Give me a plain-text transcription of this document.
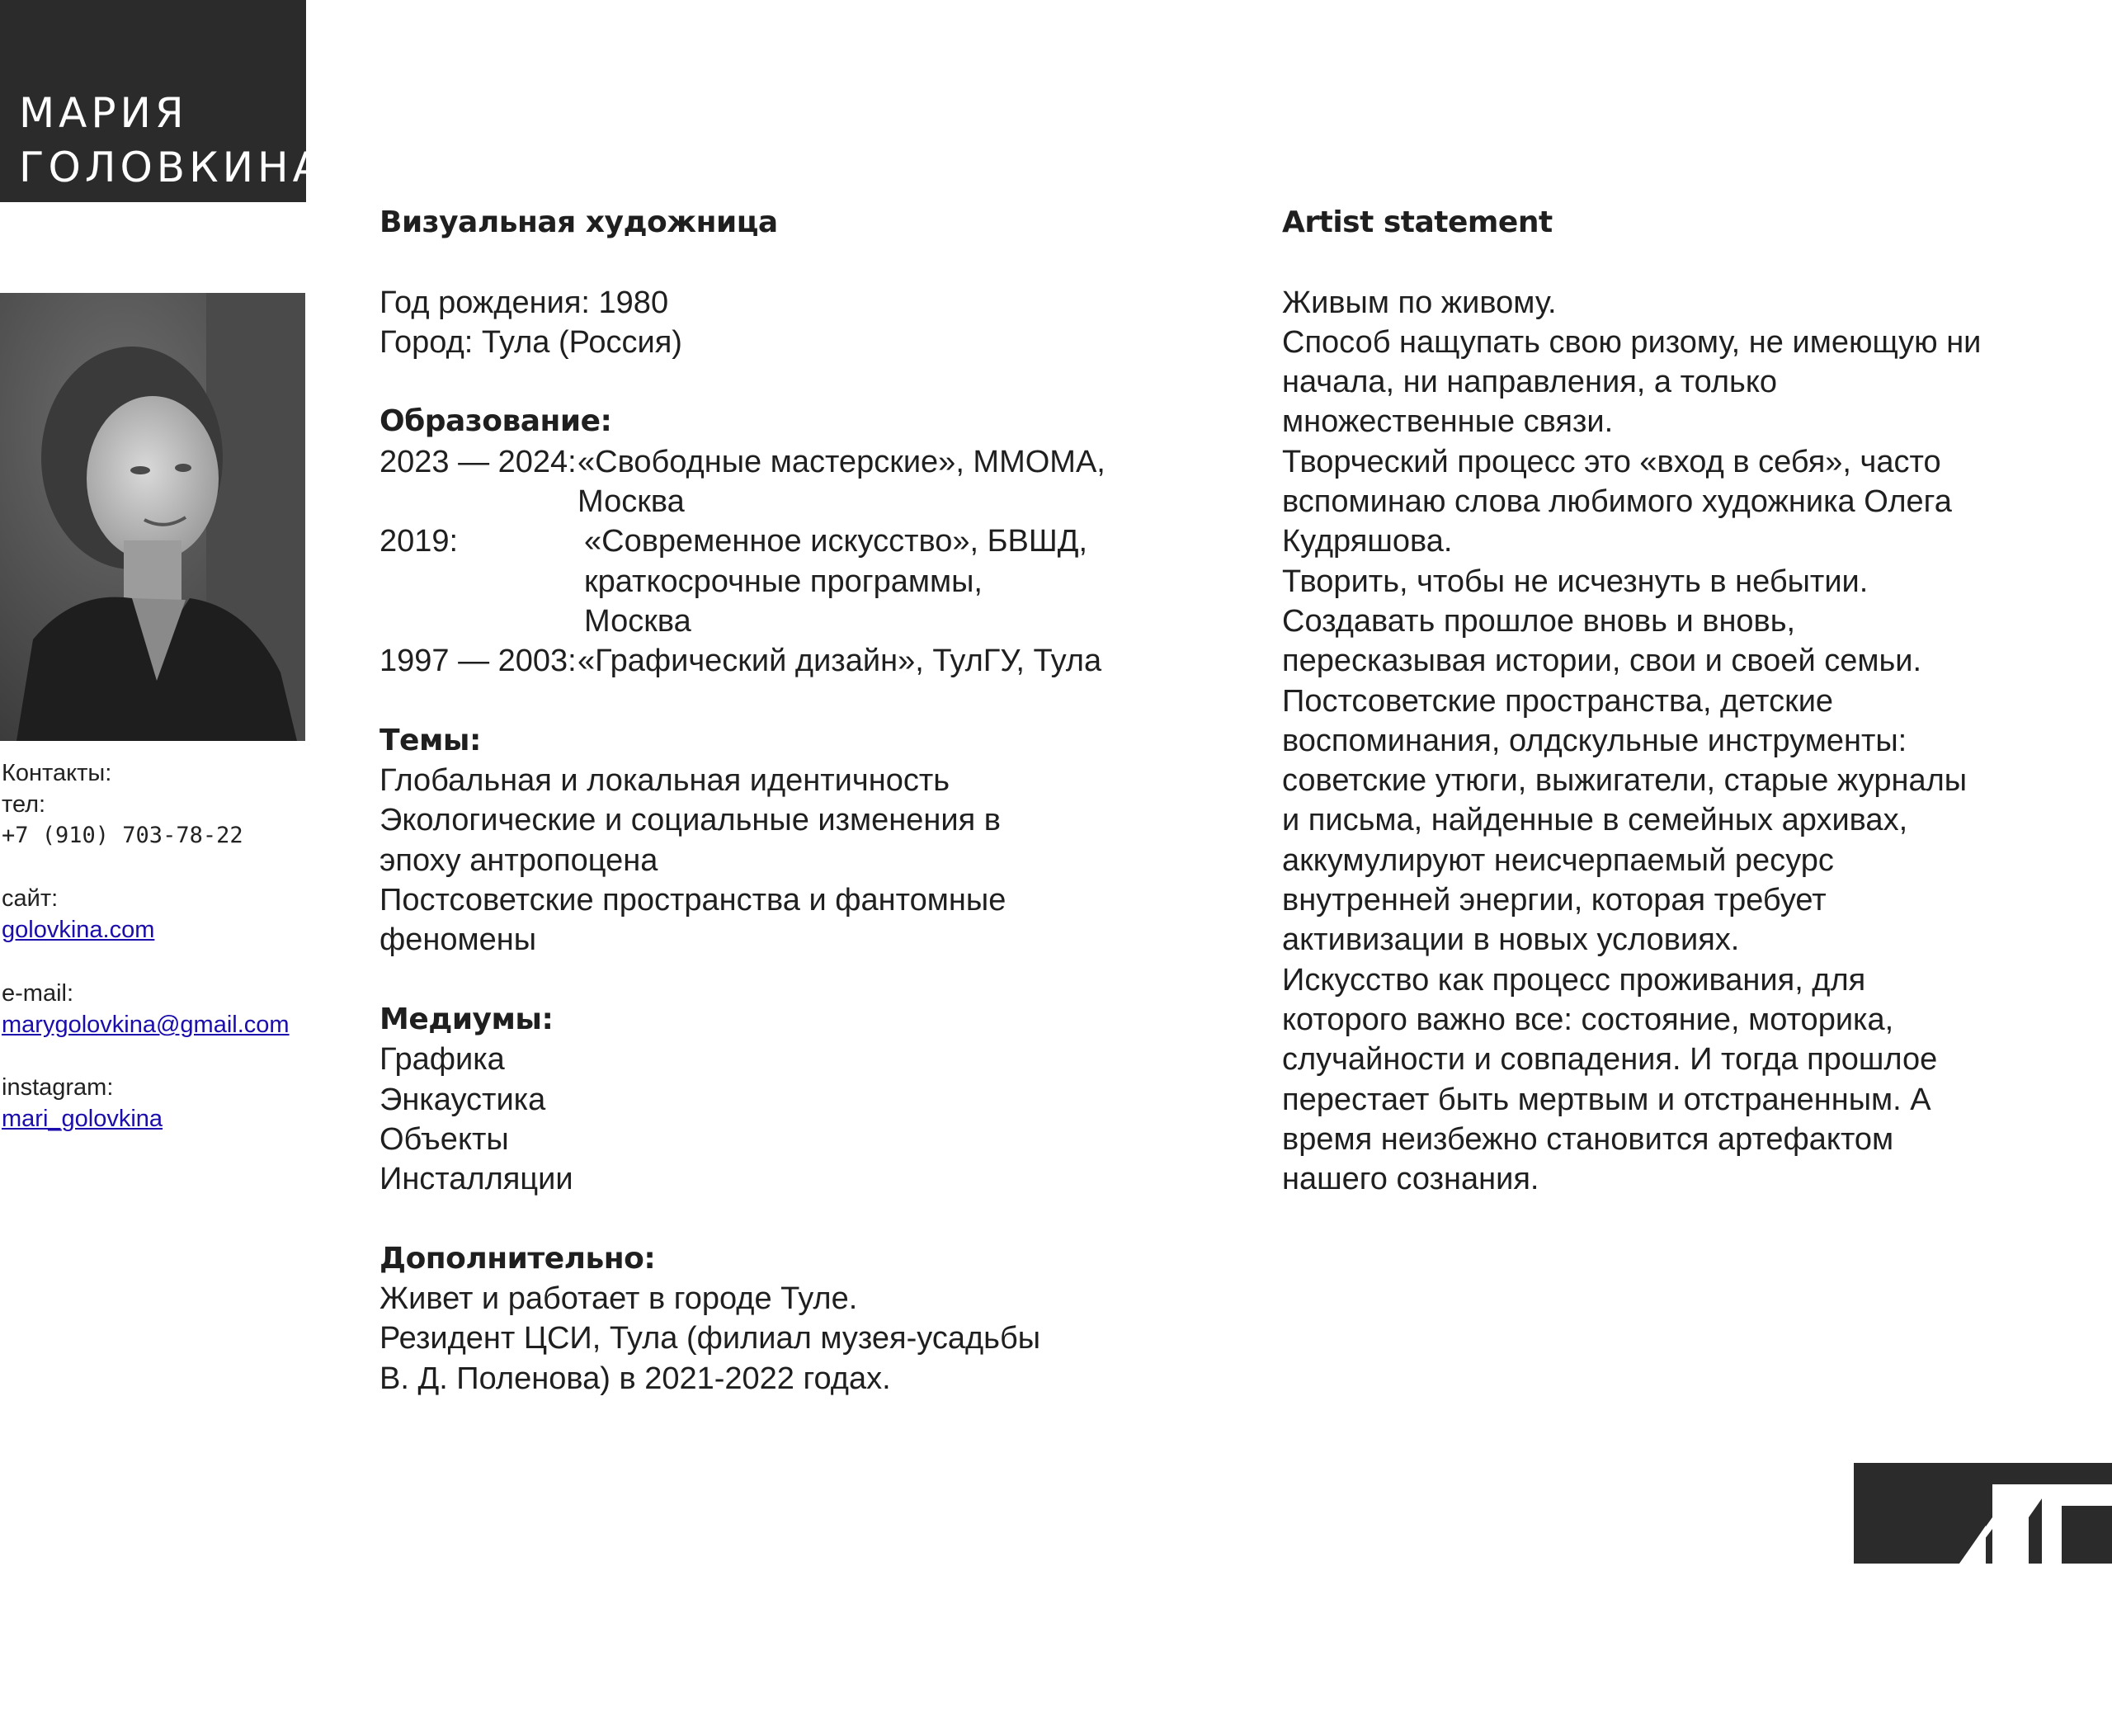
МАРИЯ
ГОЛОВКИНА
Контакты:
тел:
+7 (910) 703-78-22
сайт:
golovkina.com
e-mail:
marygolovkina@gmail.com
instagram:
mari_golovkina
Визуальная художница
Год рождения: 1980
Город: Тула (Россия)
Образование:
2023 — 2024: «Свободные мастерские», ММОМА,
Москва
2019:	«Современное искусство», БВШД,
краткосрочные программы,
Москва
1997 — 2003: «Графический дизайн», ТулГУ, Тула
Темы:
Глобальная и локальная идентичность
Экологические и социальные изменения в
эпоху антропоцена
Постсоветские пространства и фантомные
феномены
Медиумы:
Графика
Энкаустика
Объекты
Инсталляции
Дополнительно:
Живет и работает в городе Туле.
Резидент ЦСИ, Тула (филиал музея-усадьбы
В. Д. Поленова) в 2021-2022 годах.
Artist statement
Живым по живому.
Способ нащупать свою ризому, не имеющую ни
начала, ни направления, а только
множественные связи.
Творческий процесс это «вход в себя», часто
вспоминаю слова любимого художника Олега
Кудряшова.
Творить, чтобы не исчезнуть в небытии.
Создавать прошлое вновь и вновь,
пересказывая истории, свои и своей семьи.
Постсоветские пространства, детские
воспоминания, олдскульные инструменты:
советские утюги, выжигатели, старые журналы
и письма, найденные в семейных архивах,
аккумулируют неисчерпаемый ресурс
внутренней энергии, которая требует
активизации в новых условиях.
Искусство как процесс проживания, для
которого важно все: состояние, моторика,
случайности и совпадения. И тогда прошлое
перестает быть мертвым и отстраненным. А
время неизбежно становится артефактом
нашего сознания.
